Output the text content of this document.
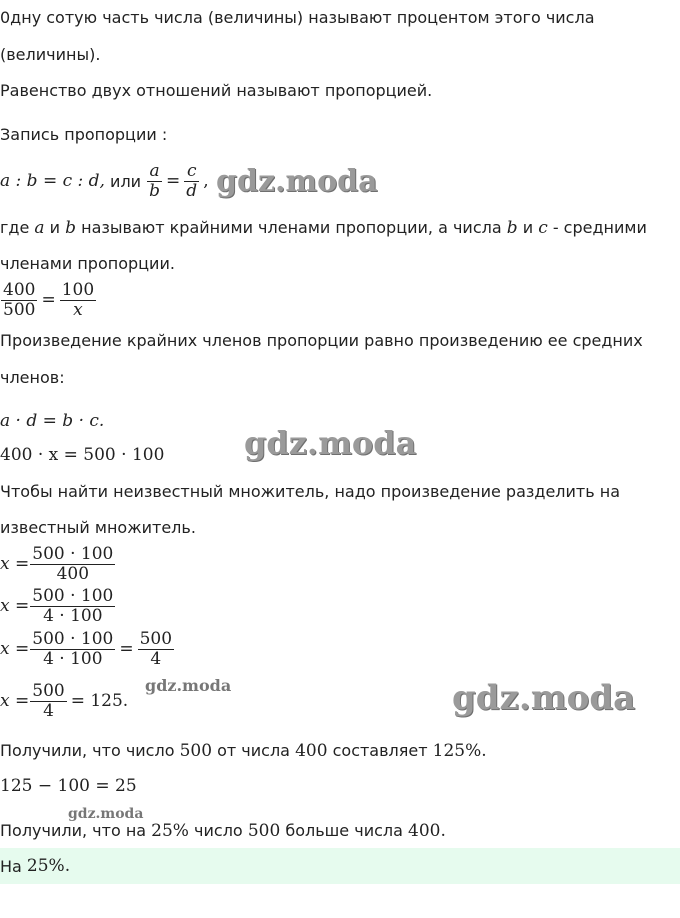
0дну сотую часть числа (величины) называют процентом этого числа
(величины).
Равенство двух отношений называют пропорцией.
Запись пропорции :
a : b = c : d, или $\frac{a}{b} = \frac{c}{d}$ , gdz.moda
где a и b называют крайними членами пропорции, а числа b и c - средними
членами пропорции.
$\frac{400}{500} = \frac{100}{x}$
Произведение крайних членов пропорции равно произведению ее средних
членов:
a · d = b · c.
400 · x = 500 · 100 gdz.moda
Чтобы найти неизвестный множитель, надо произведение разделить на
известный множитель.
$x = \frac{500 \cdot 100}{400}$
$x = \frac{500 \cdot 100}{4 \cdot 100}$
$x = \frac{500 \cdot 100}{4 \cdot 100} = \frac{500}{4}$
$x = \frac{500}{4} = 125$.
gdz.moda	gdz.moda
Получили, что число 500 от числа 400 составляет 125%.
125 − 100 = 25
gdz.moda
Получили, что на 25% число 500 больше числа 400.
На 25%.
